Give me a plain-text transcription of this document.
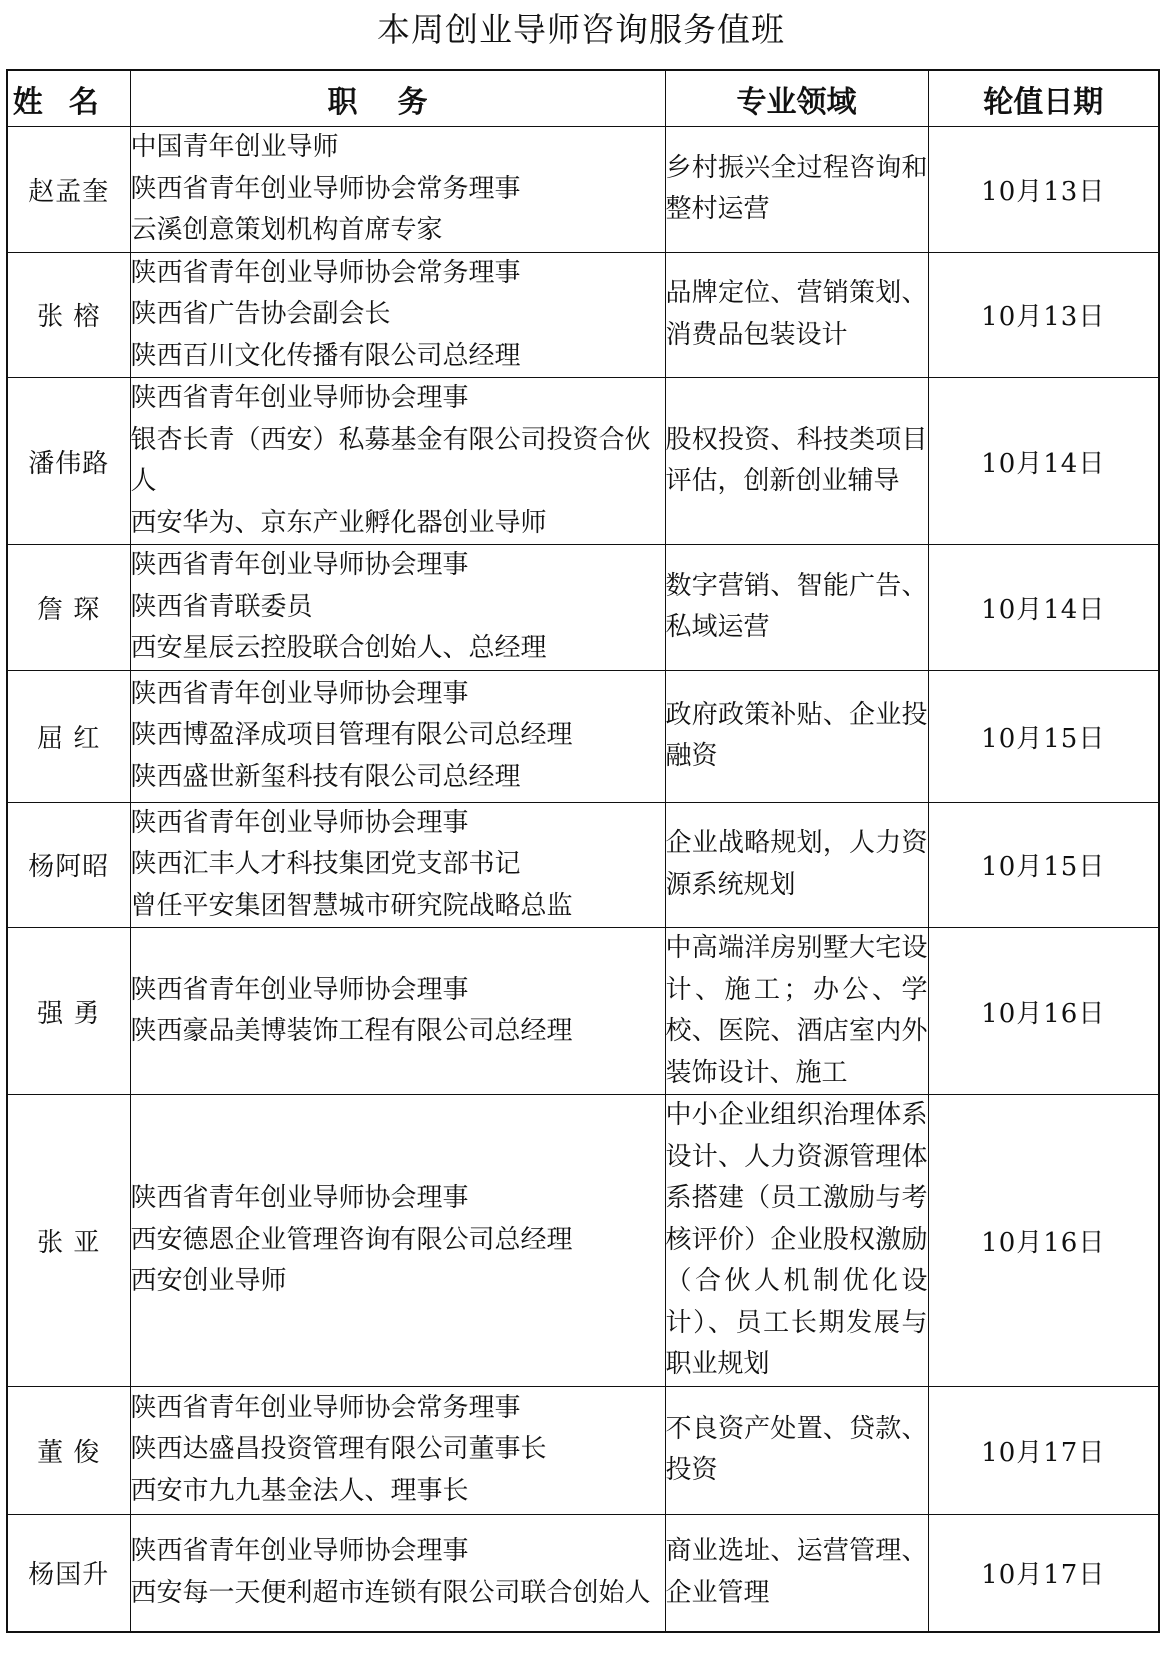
本周创业导师咨询服务值班
姓名	职务	专业领域	轮值日期
赵孟奎	中国青年创业导师
陕西省青年创业导师协会常务理事
云溪创意策划机构首席专家	乡村振兴全过程咨询和整村运营	10月13日
张 榕	陕西省青年创业导师协会常务理事
陕西省广告协会副会长
陕西百川文化传播有限公司总经理	品牌定位、营销策划、消费品包装设计	10月13日
潘伟路	陕西省青年创业导师协会理事
银杏长青（西安）私募基金有限公司投资合伙人
西安华为、京东产业孵化器创业导师	股权投资、科技类项目评估，创新创业辅导	10月14日
詹 琛	陕西省青年创业导师协会理事
陕西省青联委员
西安星辰云控股联合创始人、总经理	数字营销、智能广告、私域运营	10月14日
屈 红	陕西省青年创业导师协会理事
陕西博盈泽成项目管理有限公司总经理
陕西盛世新玺科技有限公司总经理	政府政策补贴、企业投融资	10月15日
杨阿昭	陕西省青年创业导师协会理事
陕西汇丰人才科技集团党支部书记
曾任平安集团智慧城市研究院战略总监	企业战略规划，人力资源系统规划	10月15日
强 勇	陕西省青年创业导师协会理事
陕西豪品美博装饰工程有限公司总经理	中高端洋房别墅大宅设计、施工；办公、学校、医院、酒店室内外装饰设计、施工	10月16日
张 亚	陕西省青年创业导师协会理事
西安德恩企业管理咨询有限公司总经理
西安创业导师	中小企业组织治理体系设计、人力资源管理体系搭建（员工激励与考核评价）企业股权激励（合伙人机制优化设计）、员工长期发展与职业规划	10月16日
董 俊	陕西省青年创业导师协会常务理事
陕西达盛昌投资管理有限公司董事长
西安市九九基金法人、理事长	不良资产处置、贷款、投资	10月17日
杨国升	陕西省青年创业导师协会理事
西安每一天便利超市连锁有限公司联合创始人	商业选址、运营管理、企业管理	10月17日
